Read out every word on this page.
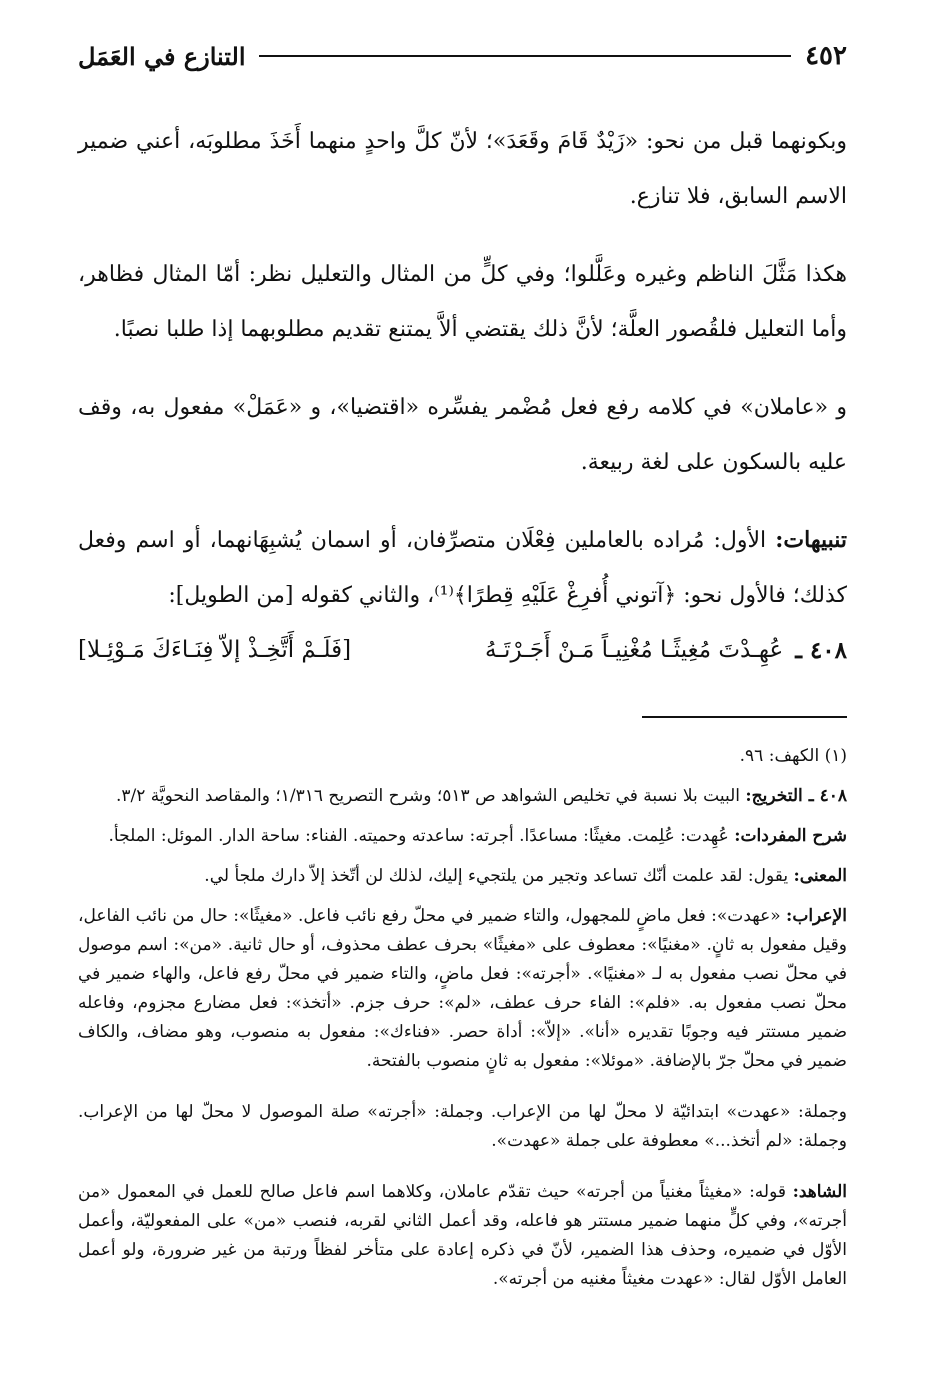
٤٥٢
التنازع في العَمَل

وبكونهما قبل من نحو: «زَيْدٌ قَامَ وقَعَدَ»؛ لأنّ كلَّ واحدٍ منهما أَخَذَ مطلوبَه، أعني ضمير الاسم السابق، فلا تنازع.

هكذا مَثَّلَ الناظم وغيره وعَلَّلوا؛ وفي كلٍّ من المثال والتعليل نظر: أمّا المثال فظاهر، وأما التعليل فلقُصور العلَّة؛ لأنَّ ذلك يقتضي ألاَّ يمتنع تقديم مطلوبهما إذا طلبا نصبًا.

و «عاملان» في كلامه رفع فعل مُضْمر يفسِّره «اقتضيا»، و «عَمَلْ» مفعول به، وقف عليه بالسكون على لغة ربيعة.

تنبيهات: الأول: مُراده بالعاملين فِعْلَان متصرِّفان، أو اسمان يُشبِهَانهما، أو اسم وفعل كذلك؛ فالأول نحو: ﴿آتوني أُفرِغْ عَلَيْهِ قِطرًا﴾⁽¹⁾، والثاني كقوله [من الطويل]:

٤٠٨ ـ
عُهِـدْتَ مُغِيثًـا مُغْنِيـاً مَـنْ أَجَـرْتَـهُ
[فَلَـمْ أَتَّخِـذْ إلاّ فِنَـاءَكَ مَـوْئِـلا]

(١) الكهف: ٩٦.

٤٠٨ ـ التخريج: البيت بلا نسبة في تخليص الشواهد ص ٥١٣؛ وشرح التصريح ١/٣١٦؛ والمقاصد النحويَّة ٣/٢.

شرح المفردات: عُهِدت: عُلِمت. مغيثًا: مساعدًا. أجرته: ساعدته وحميته. الفناء: ساحة الدار. الموئل: الملجأ.

المعنى: يقول: لقد علمت أنّك تساعد وتجير من يلتجيء إليك، لذلك لن أتّخذ إلاّ دارك ملجأ لي.

الإعراب: «عهدت»: فعل ماضٍ للمجهول، والتاء ضمير في محلّ رفع نائب فاعل. «مغيثًا»: حال من نائب الفاعل، وقيل مفعول به ثانٍ. «مغنيًا»: معطوف على «مغيثًا» بحرف عطف محذوف، أو حال ثانية. «من»: اسم موصول في محلّ نصب مفعول به لـ «مغنيًا». «أجرته»: فعل ماضٍ، والتاء ضمير في محلّ رفع فاعل، والهاء ضمير في محلّ نصب مفعول به. «فلم»: الفاء حرف عطف، «لم»: حرف جزم. «أتخذ»: فعل مضارع مجزوم، وفاعله ضمير مستتر فيه وجوبًا تقديره «أنا». «إلاّ»: أداة حصر. «فناءك»: مفعول به منصوب، وهو مضاف، والكاف ضمير في محلّ جرّ بالإضافة. «موئلا»: مفعول به ثانٍ منصوب بالفتحة.

وجملة: «عهدت» ابتدائيّة لا محلّ لها من الإعراب. وجملة: «أجرته» صلة الموصول لا محلّ لها من الإعراب. وجملة: «لم أتخذ...» معطوفة على جملة «عهدت».

الشاهد: قوله: «مغيثاً مغنياً من أجرته» حيث تقدّم عاملان، وكلاهما اسم فاعل صالح للعمل في المعمول «من أجرته»، وفي كلٍّ منهما ضمير مستتر هو فاعله، وقد أعمل الثاني لقربه، فنصب «من» على المفعوليّة، وأعمل الأوّل في ضميره، وحذف هذا الضمير، لأنّ في ذكره إعادة على متأخر لفظاً ورتبة من غير ضرورة، ولو أعمل العامل الأوّل لقال: «عهدت مغيثاً مغنيه من أجرته».
